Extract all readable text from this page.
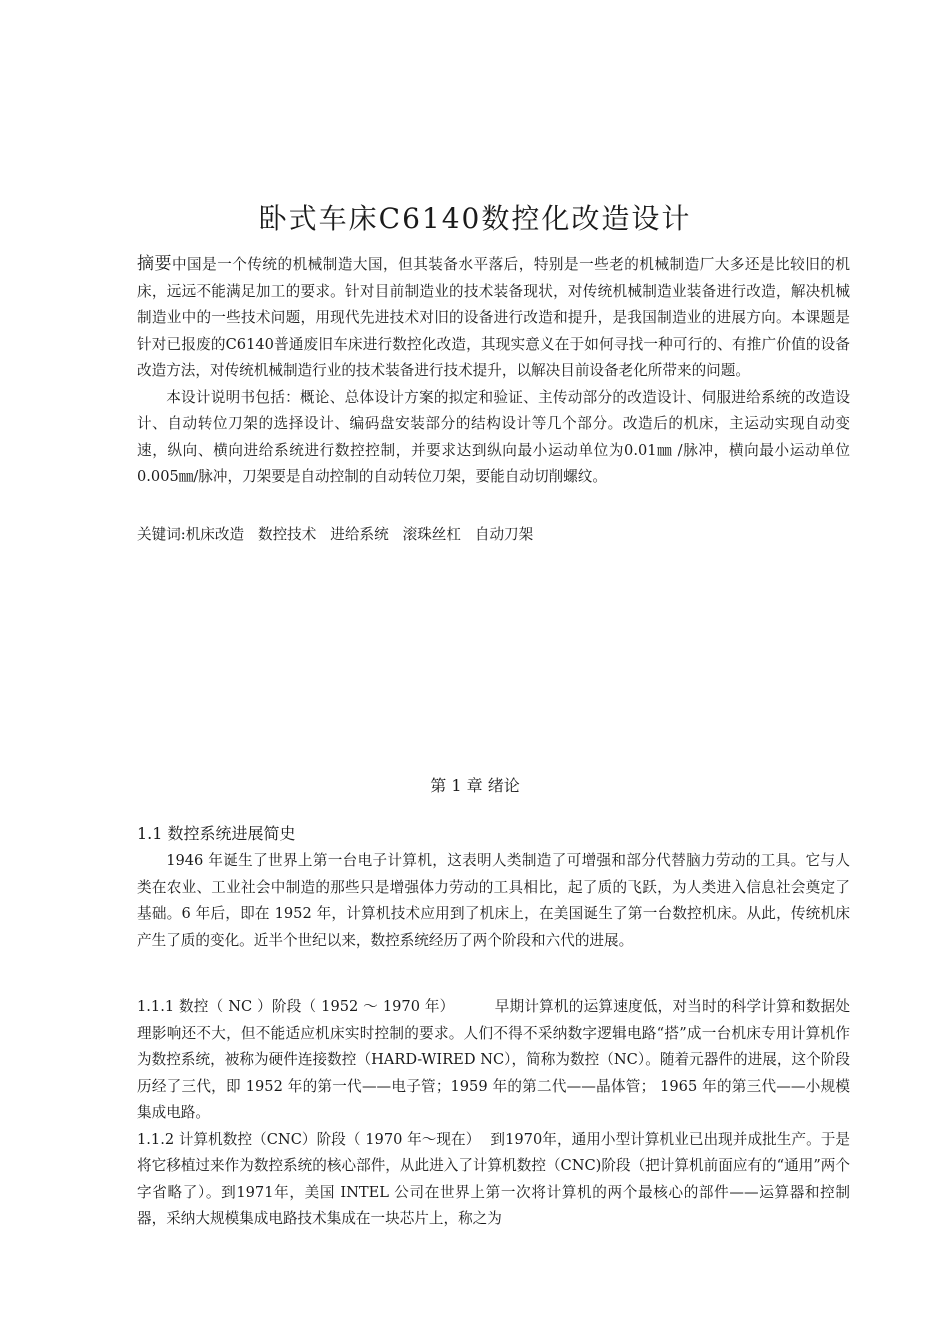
卧式车床C6140数控化改造设计

摘要中国是一个传统的机械制造大国，但其装备水平落后，特别是一些老的机械制造厂大多还是比较旧的机床，远远不能满足加工的要求。针对目前制造业的技术装备现状，对传统机械制造业装备进行改造，解决机械制造业中的一些技术问题，用现代先进技术对旧的设备进行改造和提升，是我国制造业的进展方向。本课题是针对已报废的C6140普通废旧车床进行数控化改造，其现实意义在于如何寻找一种可行的、有推广价值的设备改造方法，对传统机械制造行业的技术装备进行技术提升，以解决目前设备老化所带来的问题。

本设计说明书包括：概论、总体设计方案的拟定和验证、主传动部分的改造设计、伺服进给系统的改造设计、自动转位刀架的选择设计、编码盘安装部分的结构设计等几个部分。改造后的机床，主运动实现自动变速，纵向、横向进给系统进行数控控制，并要求达到纵向最小运动单位为0.01㎜ /脉冲，横向最小运动单位0.005㎜/脉冲，刀架要是自动控制的自动转位刀架，要能自动切削螺纹。

关键词:机床改造   数控技术   进给系统   滚珠丝杠   自动刀架
第 1 章 绪论
1.1 数控系统进展简史

1946 年诞生了世界上第一台电子计算机，这表明人类制造了可增强和部分代替脑力劳动的工具。它与人类在农业、工业社会中制造的那些只是增强体力劳动的工具相比，起了质的飞跃，为人类进入信息社会奠定了基础。6 年后，即在 1952 年，计算机技术应用到了机床上，在美国诞生了第一台数控机床。从此，传统机床产生了质的变化。近半个世纪以来，数控系统经历了两个阶段和六代的进展。

1.1.1 数控（ NC ）阶段（ 1952 ～ 1970 年）	早期计算机的运算速度低，对当时的科学计算和数据处理影响还不大，但不能适应机床实时控制的要求。人们不得不采纳数字逻辑电路“搭”成一台机床专用计算机作为数控系统，被称为硬件连接数控（HARD-WIRED NC），简称为数控（NC）。随着元器件的进展，这个阶段历经了三代，即 1952 年的第一代——电子管；1959 年的第二代——晶体管； 1965 年的第三代——小规模集成电路。

1.1.2 计算机数控（CNC）阶段（ 1970 年～现在） 到1970年，通用小型计算机业已出现并成批生产。于是将它移植过来作为数控系统的核心部件，从此进入了计算机数控（CNC)阶段（把计算机前面应有的“通用”两个字省略了）。到1971年，美国 INTEL 公司在世界上第一次将计算机的两个最核心的部件——运算器和控制器，采纳大规模集成电路技术集成在一块芯片上，称之为
